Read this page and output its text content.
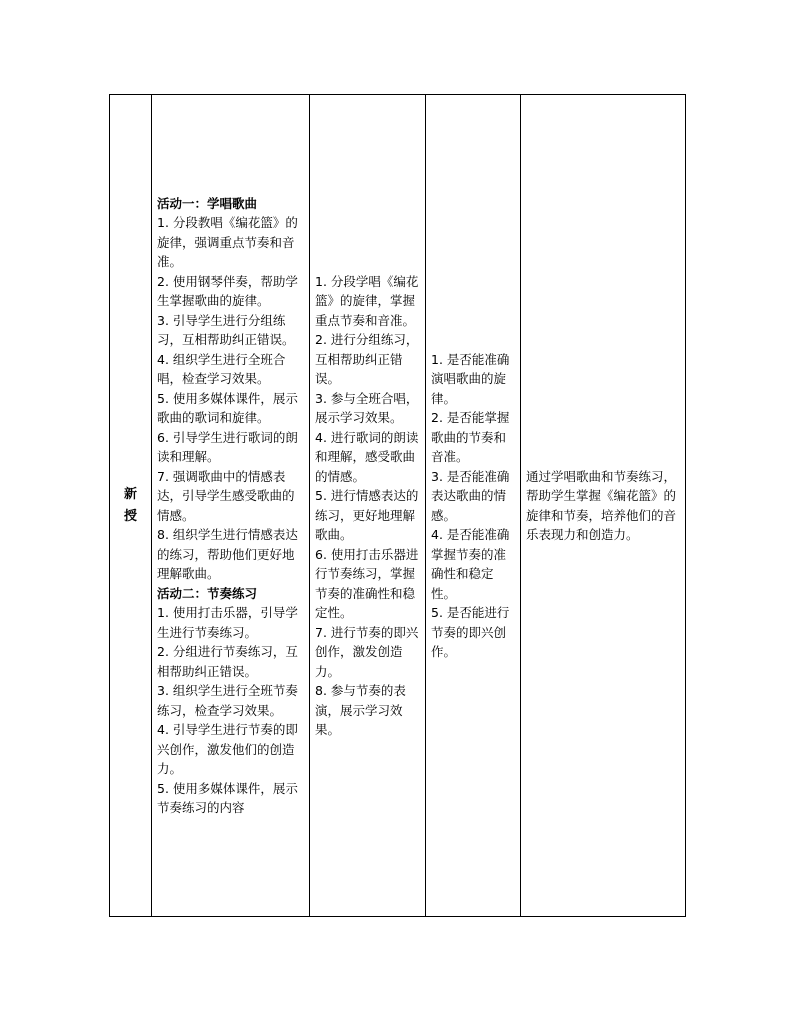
新
授

活动一：学唱歌曲
1. 分段教唱《编花篮》的旋律，强调重点节奏和音准。
2. 使用钢琴伴奏，帮助学生掌握歌曲的旋律。
3. 引导学生进行分组练习，互相帮助纠正错误。
4. 组织学生进行全班合唱，检查学习效果。
5. 使用多媒体课件，展示歌曲的歌词和旋律。
6. 引导学生进行歌词的朗读和理解。
7. 强调歌曲中的情感表达，引导学生感受歌曲的情感。
8. 组织学生进行情感表达的练习，帮助他们更好地理解歌曲。
活动二：节奏练习
1. 使用打击乐器，引导学生进行节奏练习。
2. 分组进行节奏练习，互相帮助纠正错误。
3. 组织学生进行全班节奏练习，检查学习效果。
4. 引导学生进行节奏的即兴创作，激发他们的创造力。
5. 使用多媒体课件，展示节奏练习的内容

1. 分段学唱《编花篮》的旋律，掌握重点节奏和音准。
2. 进行分组练习，互相帮助纠正错误。
3. 参与全班合唱，展示学习效果。
4. 进行歌词的朗读和理解，感受歌曲的情感。
5. 进行情感表达的练习，更好地理解歌曲。
6. 使用打击乐器进行节奏练习，掌握节奏的准确性和稳定性。
7. 进行节奏的即兴创作，激发创造力。
8. 参与节奏的表演，展示学习效果。

1. 是否能准确演唱歌曲的旋律。
2. 是否能掌握歌曲的节奏和音准。
3. 是否能准确表达歌曲的情感。
4. 是否能准确掌握节奏的准确性和稳定性。
5. 是否能进行节奏的即兴创作。

通过学唱歌曲和节奏练习，帮助学生掌握《编花篮》的旋律和节奏，培养他们的音乐表现力和创造力。
